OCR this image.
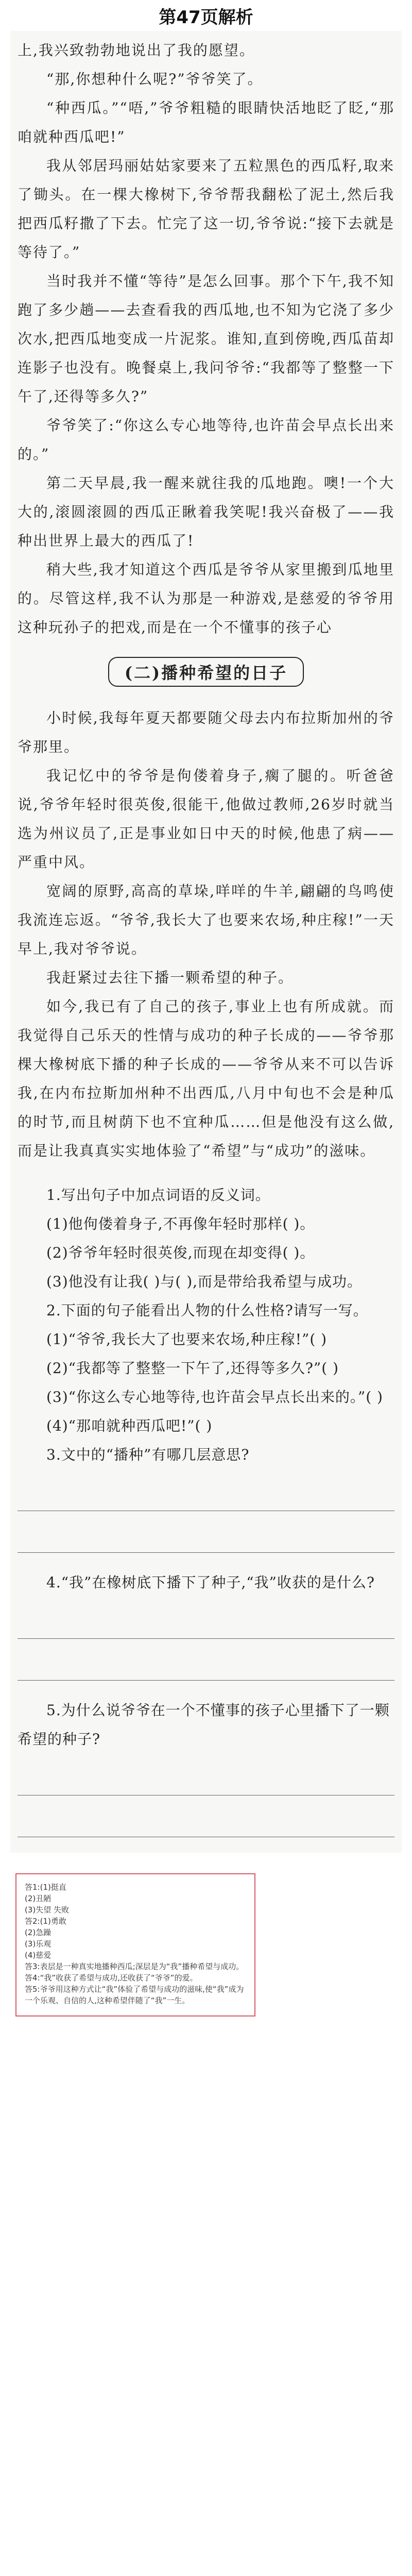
第47页解析

上,我兴致勃勃地说出了我的愿望。

“那,你想种什么呢?”爷爷笑了。

“种西瓜。”“唔,”爷爷粗糙的眼睛快活地眨了眨,“那咱就种西瓜吧!”

我从邻居玛丽姑姑家要来了五粒黑色的西瓜籽,取来了锄头。在一棵大橡树下,爷爷帮我翻松了泥土,然后我把西瓜籽撒了下去。忙完了这一切,爷爷说:“接下去就是等待了。”

当时我并不懂“等待”是怎么回事。那个下午,我不知跑了多少趟——去查看我的西瓜地,也不知为它浇了多少次水,把西瓜地变成一片泥浆。谁知,直到傍晚,西瓜苗却连影子也没有。晚餐桌上,我问爷爷:“我都等了整整一下午了,还得等多久?”

爷爷笑了:“你这么专心地等待,也许苗会早点长出来的。”

第二天早晨,我一醒来就往我的瓜地跑。噢!一个大大的,滚圆滚圆的西瓜正瞅着我笑呢!我兴奋极了——我种出世界上最大的西瓜了!

稍大些,我才知道这个西瓜是爷爷从家里搬到瓜地里的。尽管这样,我不认为那是一种游戏,是慈爱的爷爷用这种玩孙子的把戏,而是在一个不懂事的孩子心

(二)播种希望的日子

小时候,我每年夏天都要随父母去内布拉斯加州的爷爷那里。

我记忆中的爷爷是佝偻着身子,瘸了腿的。听爸爸说,爷爷年轻时很英俊,很能干,他做过教师,26岁时就当选为州议员了,正是事业如日中天的时候,他患了病——严重中风。

宽阔的原野,高高的草垛,咩咩的牛羊,翩翩的鸟鸣使我流连忘返。“爷爷,我长大了也要来农场,种庄稼!”一天早上,我对爷爷说。

我赶紧过去往下播一颗希望的种子。

如今,我已有了自己的孩子,事业上也有所成就。而我觉得自己乐天的性情与成功的种子长成的——爷爷那棵大橡树底下播的种子长成的——爷爷从来不可以告诉我,在内布拉斯加州种不出西瓜,八月中旬也不会是种瓜的时节,而且树荫下也不宜种瓜……但是他没有这么做,而是让我真真实实地体验了“希望”与“成功”的滋味。

1.写出句子中加点词语的反义词。

(1)他佝偻着身子,不再像年轻时那样( )。

(2)爷爷年轻时很英俊,而现在却变得( )。

(3)他没有让我( )与( ),而是带给我希望与成功。

2.下面的句子能看出人物的什么性格?请写一写。

(1)“爷爷,我长大了也要来农场,种庄稼!”( )

(2)“我都等了整整一下午了,还得等多久?”( )

(3)“你这么专心地等待,也许苗会早点长出来的。”( )

(4)“那咱就种西瓜吧!”( )

3.文中的“播种”有哪几层意思?

4.“我”在橡树底下播下了种子,“我”收获的是什么?

5.为什么说爷爷在一个不懂事的孩子心里播下了一颗希望的种子?

答1:(1)挺直

(2)丑陋

(3)失望 失败

答2:(1)勇敢

(2)急躁

(3)乐观

(4)慈爱

答3:表层是一种真实地播种西瓜;深层是为“我”播种希望与成功。

答4:“我”收获了希望与成功,还收获了“爷爷”的爱。

答5:爷爷用这种方式让“我”体验了希望与成功的滋味,使“我”成为一个乐观、自信的人,这种希望伴随了“我”一生。
